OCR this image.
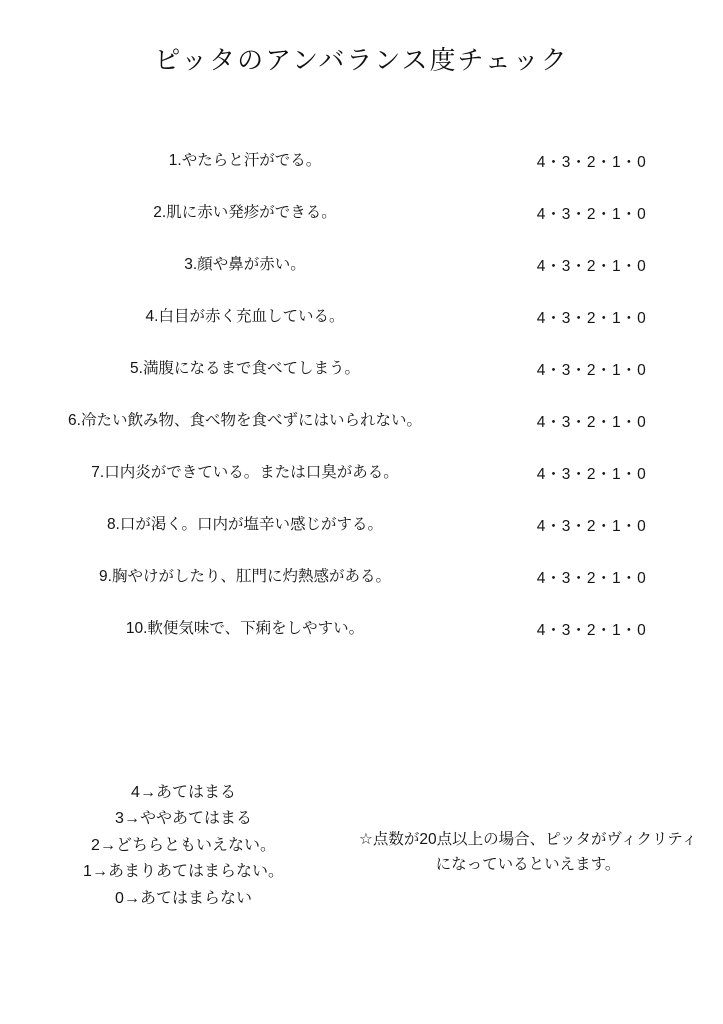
ピッタのアンバランス度チェック
1.やたらと汗がでる。	4・3・2・1・0
2.肌に赤い発疹ができる。	4・3・2・1・0
3.顔や鼻が赤い。	4・3・2・1・0
4.白目が赤く充血している。	4・3・2・1・0
5.満腹になるまで食べてしまう。	4・3・2・1・0
6.冷たい飲み物、食べ物を食べずにはいられない。	4・3・2・1・0
7.口内炎ができている。または口臭がある。	4・3・2・1・0
8.口が渇く。口内が塩辛い感じがする。	4・3・2・1・0
9.胸やけがしたり、肛門に灼熱感がある。	4・3・2・1・0
10.軟便気味で、下痢をしやすい。	4・3・2・1・0
4→あてはまる
3→ややあてはまる
2→どちらともいえない。
1→あまりあてはまらない。
0→あてはまらない
☆点数が20点以上の場合、ピッタがヴィクリティになっているといえます。
